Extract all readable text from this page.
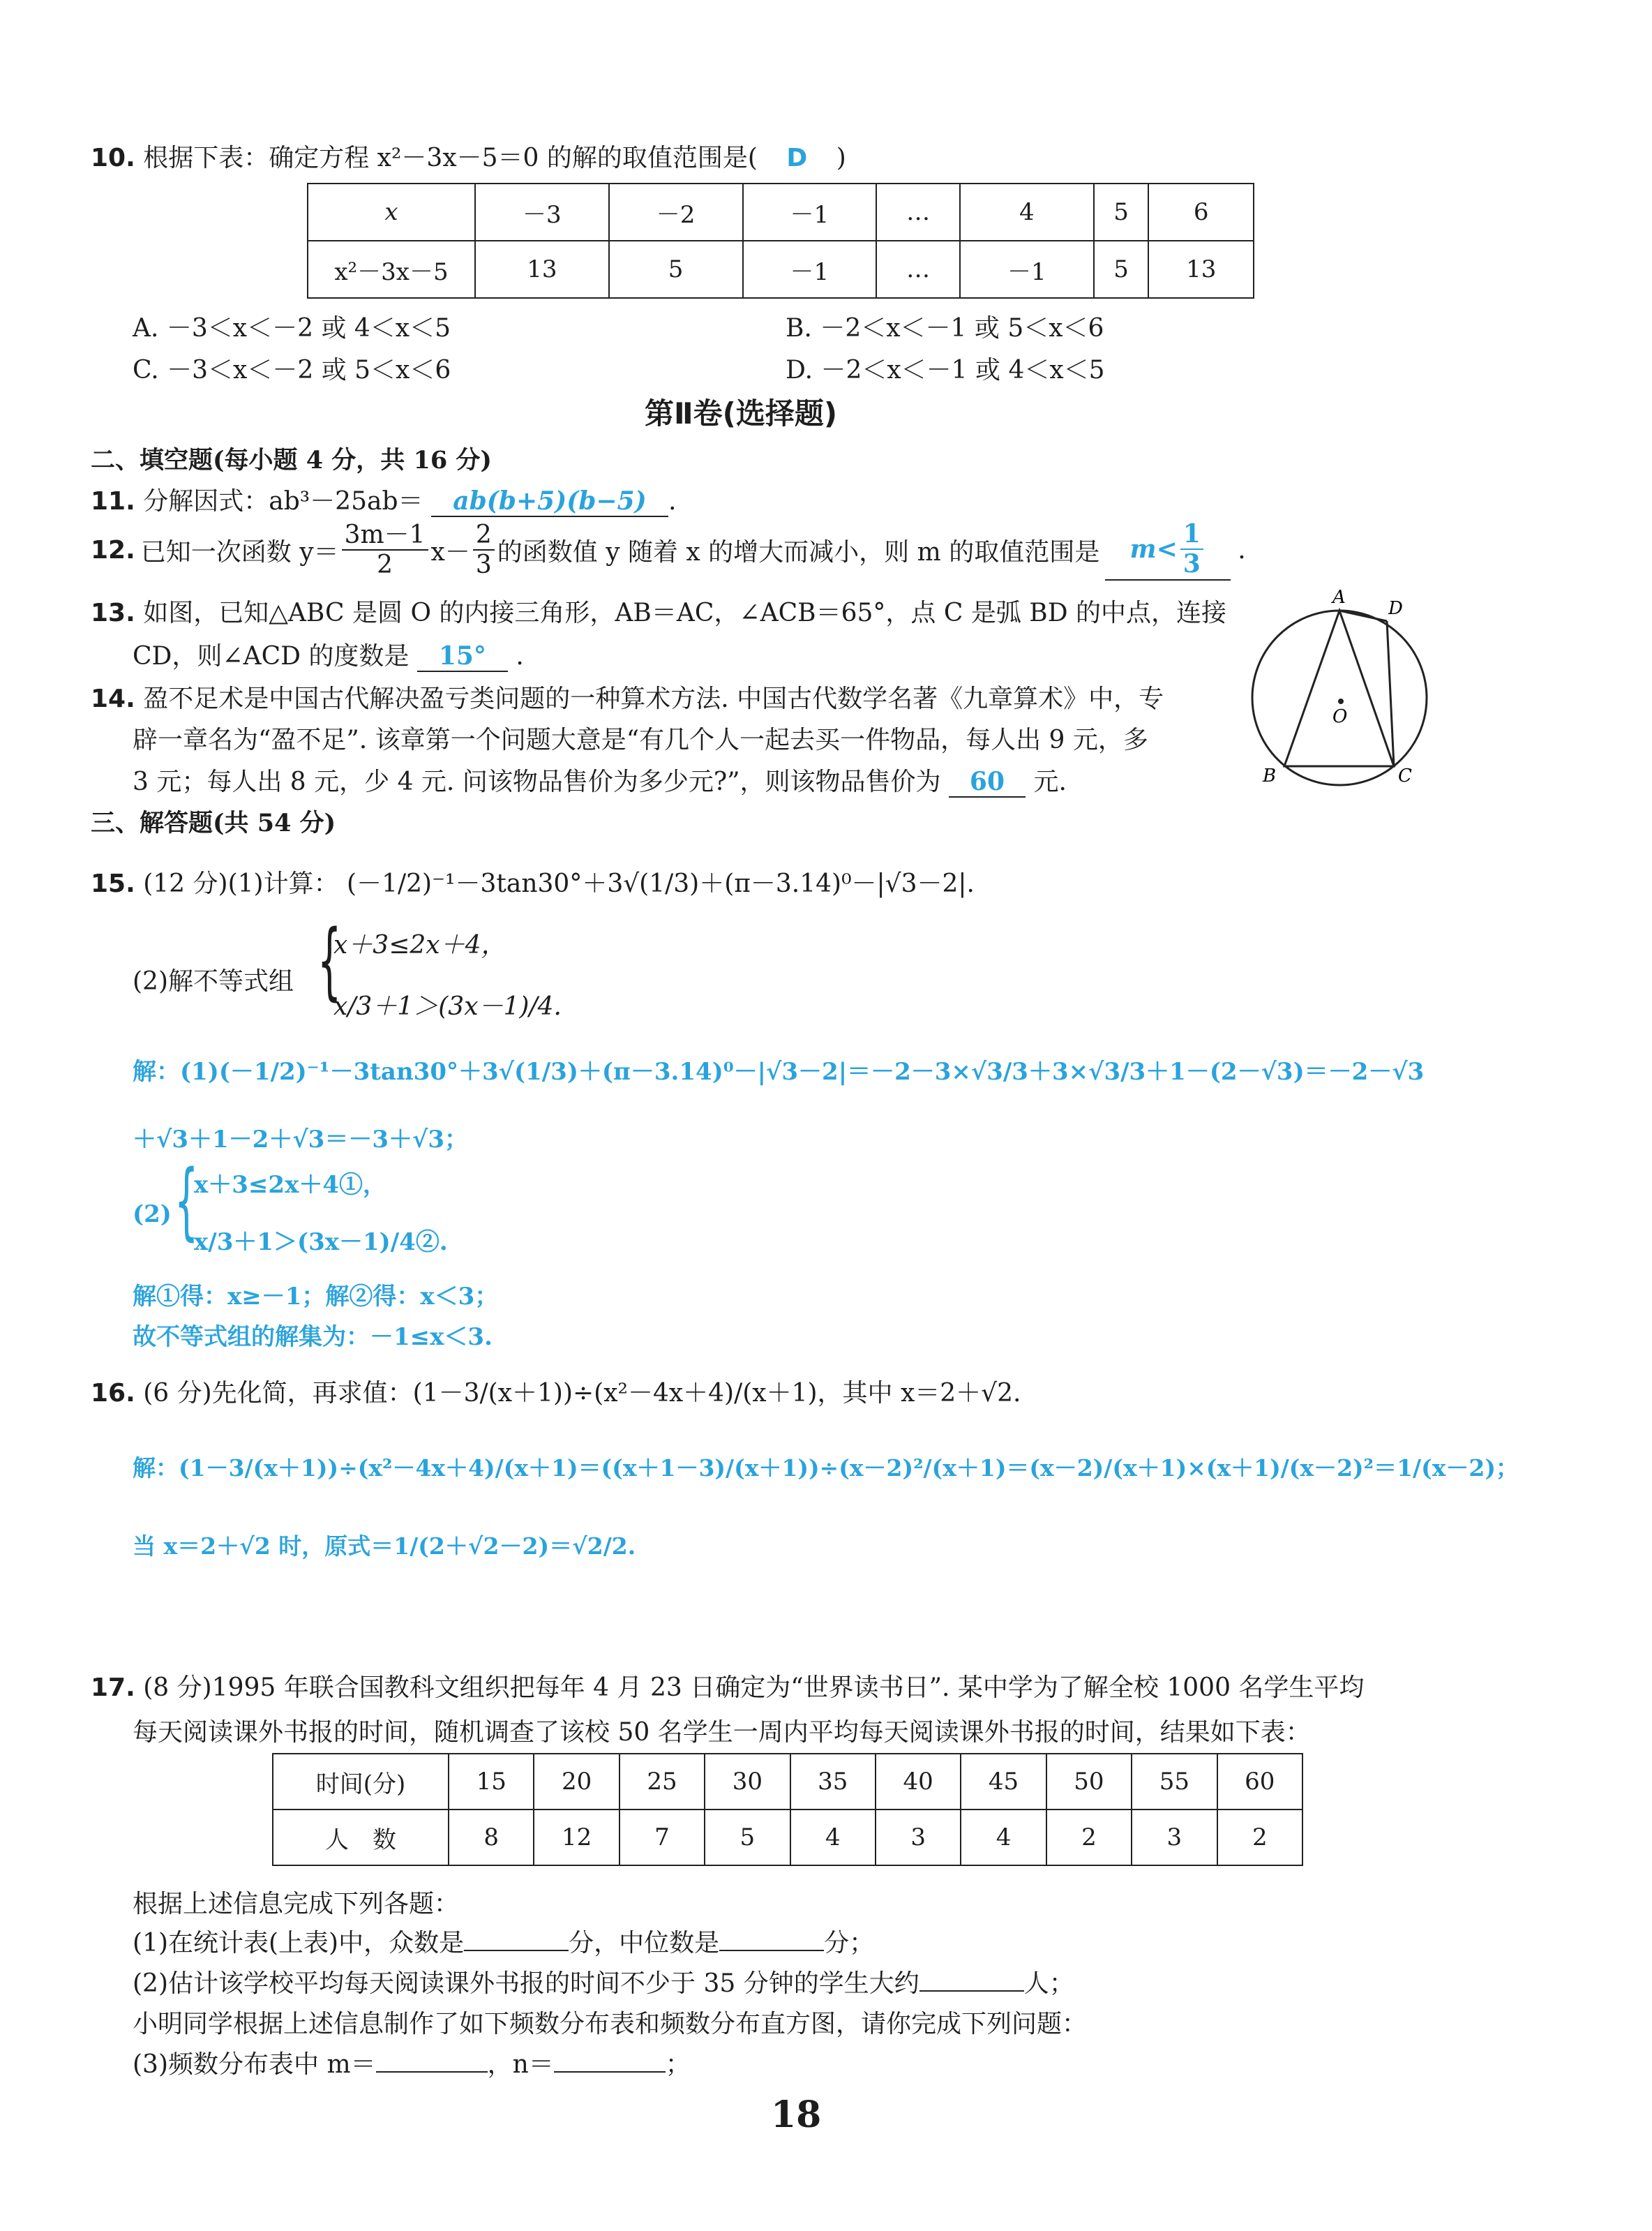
10. 根据下表：确定方程 x²－3x－5＝0 的解的取值范围是( D )
x	－3	－2	－1	…	4	5	6
x²－3x－5	13	5	－1	…	－1	5	13
A. －3＜x＜－2 或 4＜x＜5	B. －2＜x＜－1 或 5＜x＜6
C. －3＜x＜－2 或 5＜x＜6	D. －2＜x＜－1 或 4＜x＜5
第Ⅱ卷(选择题)
二、填空题(每小题 4 分，共 16 分)
11. 分解因式：ab³－25ab＝ ab(b+5)(b−5) .
12. 已知一次函数 $y= \frac{3m-1}{2} x- \frac{2}{3}$ 的函数值 y 随着 x 的增大而减小，则 m 的取值范围是 $m< \frac{1}{3}$ .
13. 如图，已知△ABC 是圆 O 的内接三角形，AB＝AC，∠ACB＝65°，点 C 是弧 BD 的中点，连接
CD，则∠ACD 的度数是 15° .
A
D
B	C
O
14. 盈不足术是中国古代解决盈亏类问题的一种算术方法. 中国古代数学名著《九章算术》中，专
辟一章名为“盈不足”. 该章第一个问题大意是“有几个人一起去买一件物品，每人出 9 元，多
3 元；每人出 8 元，少 4 元. 问该物品售价为多少元?”，则该物品售价为 60 元.
三、解答题(共 54 分)
15. (12 分)(1)计算： (－1/2)⁻¹－3tan30°＋3√(1/3)＋(π－3.14)⁰－|√3－2|.
(2)解不等式组 {
x＋3≤2x＋4，
x/3＋1＞(3x－1)/4.
解：(1)(－1/2)⁻¹－3tan30°＋3√(1/3)＋(π－3.14)⁰－|√3－2|＝－2－3×√3/3＋3×√3/3＋1－(2－√3)＝－2－√3
＋√3＋1－2＋√3＝－3＋√3；
(2) {
x＋3≤2x＋4①，
x/3＋1＞(3x－1)/4②.
解①得：x≥－1；解②得：x＜3；
故不等式组的解集为：－1≤x＜3.
16. (6 分)先化简，再求值：(1－3/(x＋1))÷(x²－4x＋4)/(x＋1)，其中 x＝2＋√2.
解：(1－3/(x＋1))÷(x²－4x＋4)/(x＋1)＝((x＋1－3)/(x＋1))÷(x－2)²/(x＋1)＝(x－2)/(x＋1)×(x＋1)/(x－2)²＝1/(x－2)；
当 x＝2＋√2 时，原式＝1/(2＋√2－2)＝√2/2.
17. (8 分)1995 年联合国教科文组织把每年 4 月 23 日确定为“世界读书日”. 某中学为了解全校 1000 名学生平均
每天阅读课外书报的时间，随机调查了该校 50 名学生一周内平均每天阅读课外书报的时间，结果如下表：
时间(分)	15	20	25	30	35	40	45	50	55	60
人　数	8	12	7	5	4	3	4	2	3	2
根据上述信息完成下列各题：
(1)在统计表(上表)中，众数是	分，中位数是	分；
(2)估计该学校平均每天阅读课外书报的时间不少于 35 分钟的学生大约	人；
小明同学根据上述信息制作了如下频数分布表和频数分布直方图，请你完成下列问题：
(3)频数分布表中 m＝	，n＝	；
18
